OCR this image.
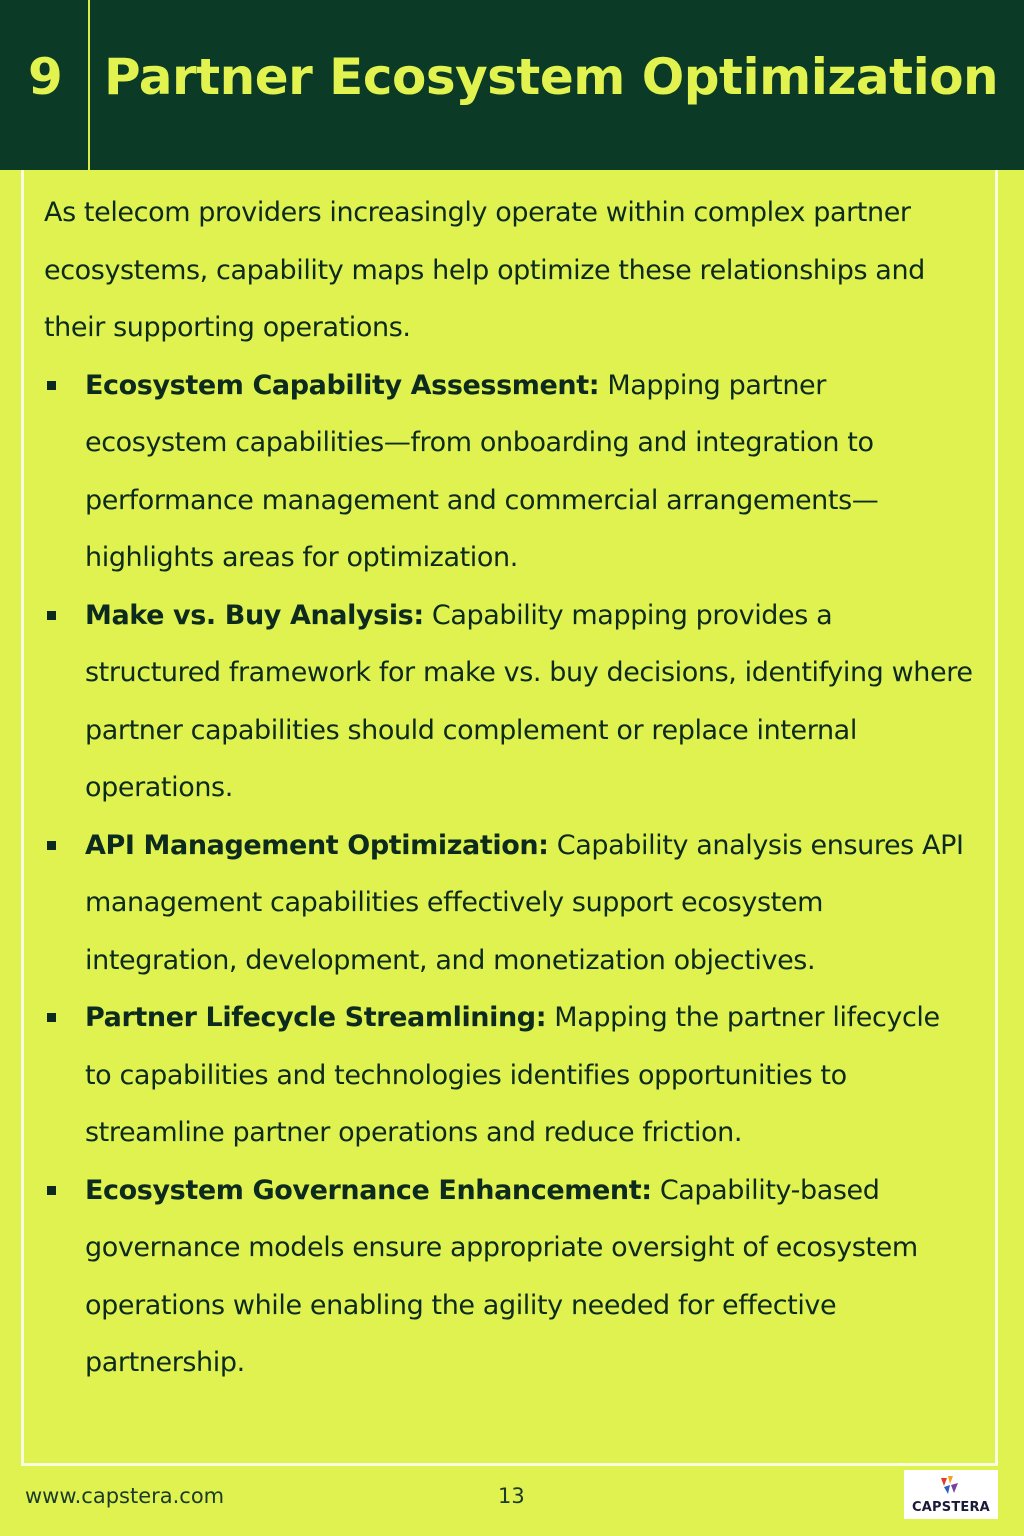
9 Partner Ecosystem Optimization

As telecom providers increasingly operate within complex partner ecosystems, capability maps help optimize these relationships and their supporting operations.

Ecosystem Capability Assessment: Mapping partner ecosystem capabilities—from onboarding and integration to performance management and commercial arrangements— highlights areas for optimization.
Make vs. Buy Analysis: Capability mapping provides a structured framework for make vs. buy decisions, identifying where partner capabilities should complement or replace internal operations.
API Management Optimization: Capability analysis ensures API management capabilities effectively support ecosystem integration, development, and monetization objectives.
Partner Lifecycle Streamlining: Mapping the partner lifecycle to capabilities and technologies identifies opportunities to streamline partner operations and reduce friction.
Ecosystem Governance Enhancement: Capability-based governance models ensure appropriate oversight of ecosystem operations while enabling the agility needed for effective partnership.
www.capstera.com	13	CAPSTERA
